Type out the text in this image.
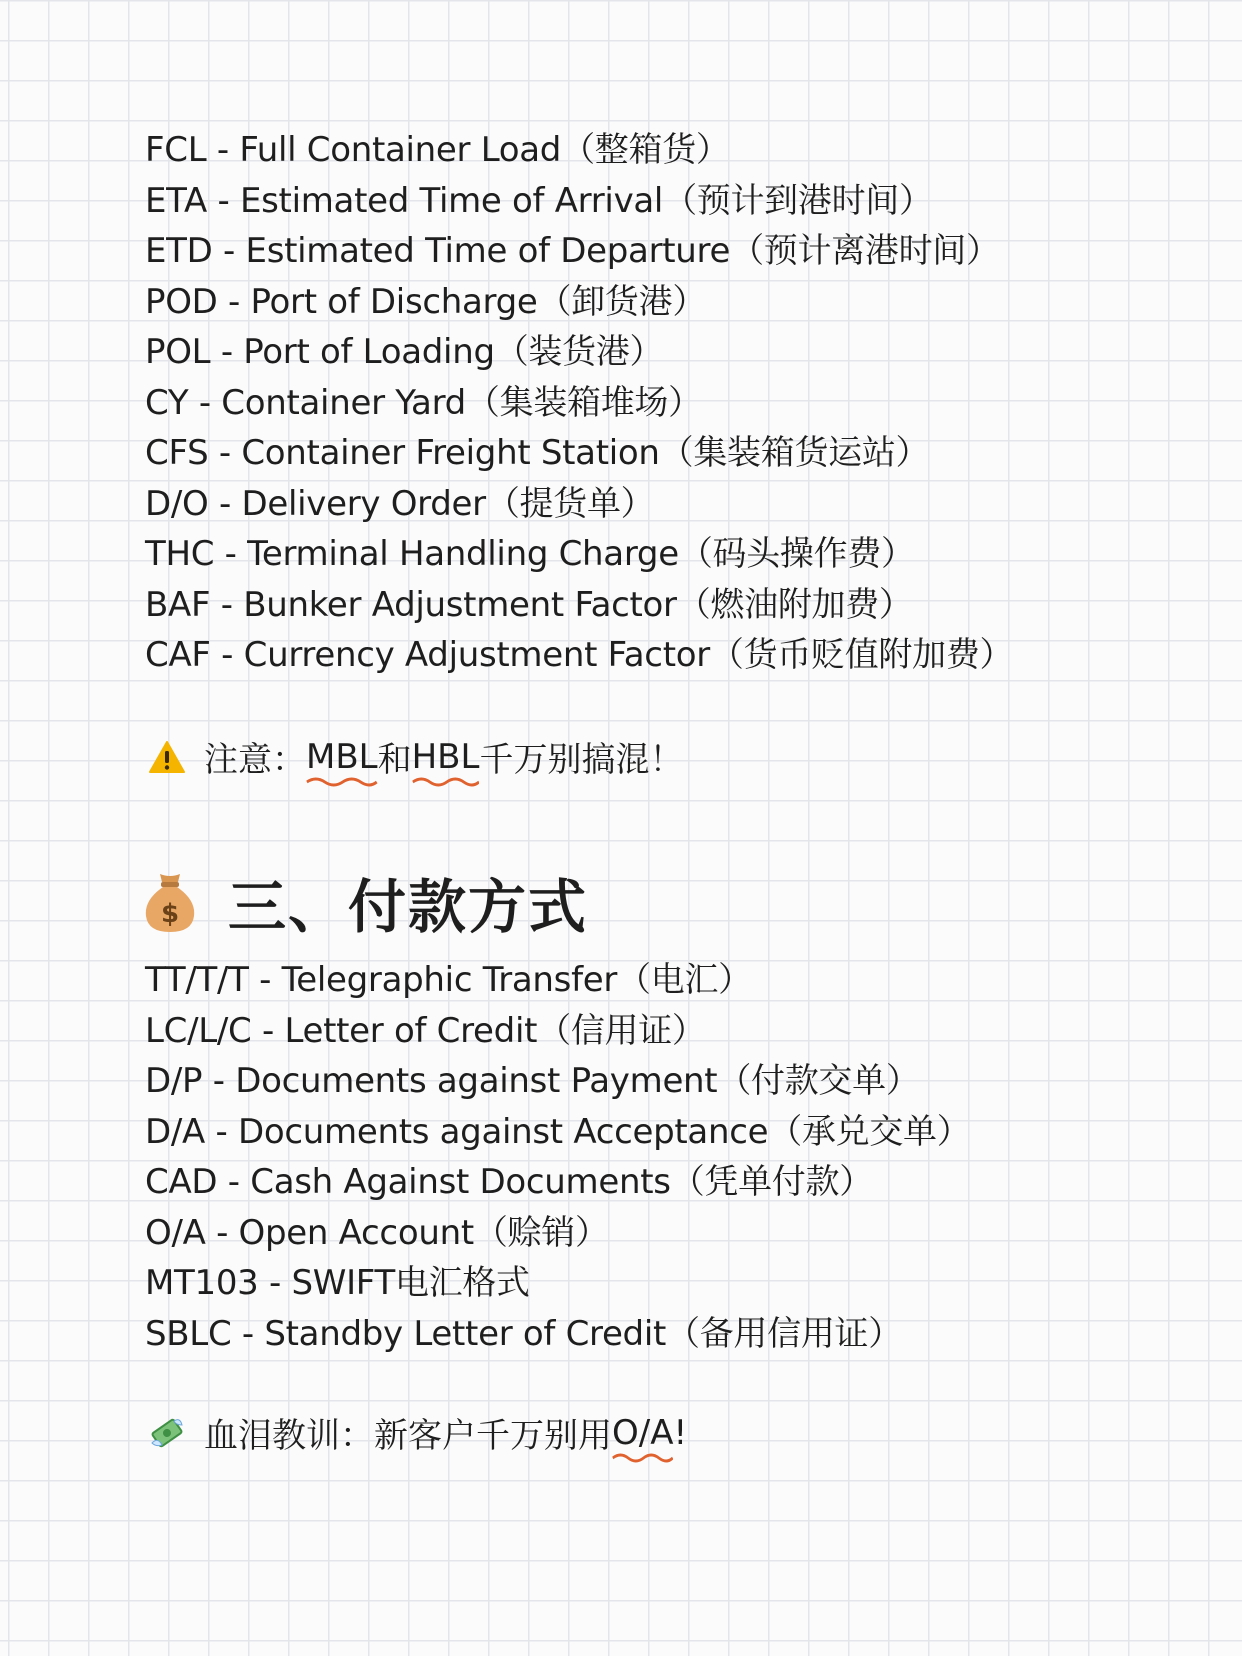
FCL - Full Container Load（整箱货）
ETA - Estimated Time of Arrival（预计到港时间）
ETD - Estimated Time of Departure（预计离港时间）
POD - Port of Discharge（卸货港）
POL - Port of Loading（装货港）
CY - Container Yard（集装箱堆场）
CFS - Container Freight Station（集装箱货运站）
D/O - Delivery Order（提货单）
THC - Terminal Handling Charge（码头操作费）
BAF - Bunker Adjustment Factor（燃油附加费）
CAF - Currency Adjustment Factor（货币贬值附加费）
注意： MBL 和 HBL 千万别搞混！
$ 三、付款方式
TT/T/T - Telegraphic Transfer（电汇）
LC/L/C - Letter of Credit（信用证）
D/P - Documents against Payment（付款交单）
D/A - Documents against Acceptance（承兑交单）
CAD - Cash Against Documents（凭单付款）
O/A - Open Account（赊销）
MT103 - SWIFT电汇格式
SBLC - Standby Letter of Credit（备用信用证）
血泪教训：新客户千万别用 O/A !
